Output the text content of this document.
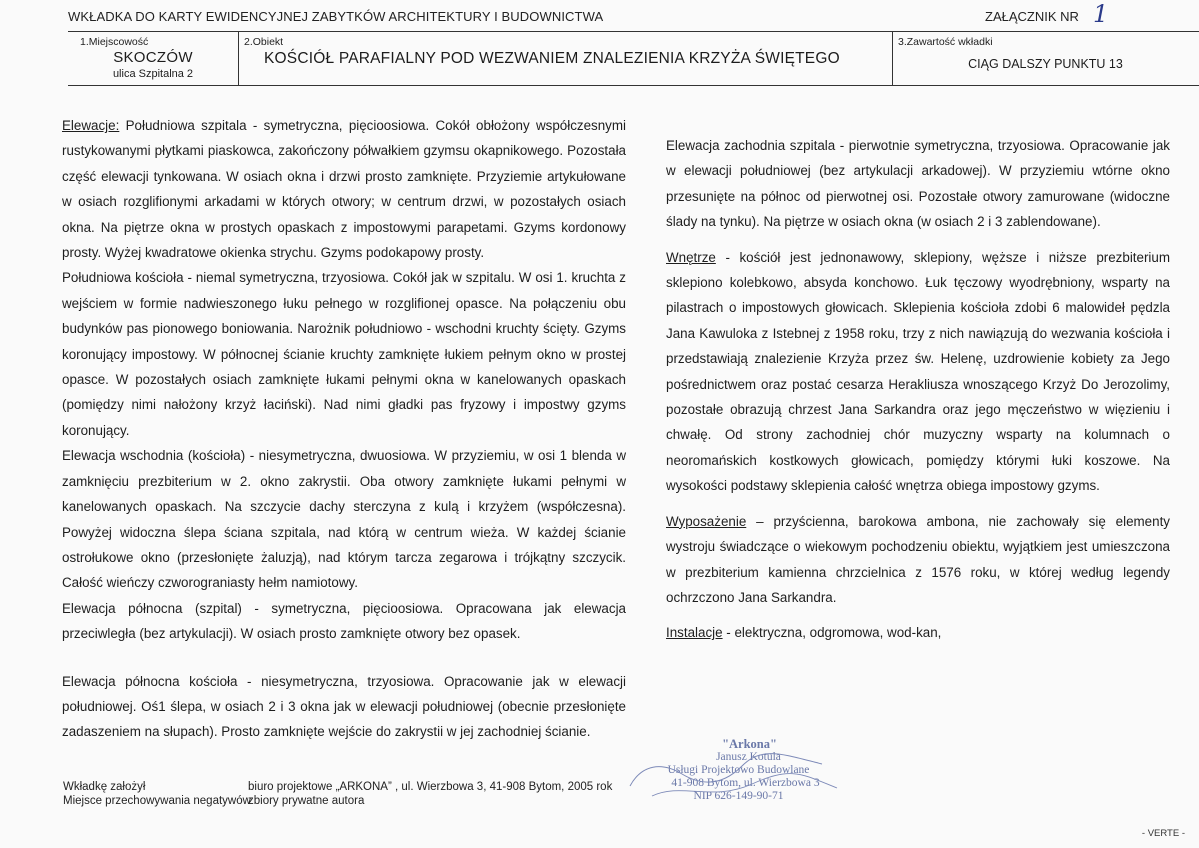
WKŁADKA DO KARTY EWIDENCYJNEJ ZABYTKÓW ARCHITEKTURY I BUDOWNICTWA	ZAŁĄCZNIK NR 1
1.Miejscowość
SKOCZÓW
ulica Szpitalna 2
2.Obiekt
KOŚCIÓŁ PARAFIALNY POD WEZWANIEM ZNALEZIENIA KRZYŻA ŚWIĘTEGO
3.Zawartość wkładki
CIĄG DALSZY PUNKTU 13

Elewacje: Południowa szpitala - symetryczna, pięcioosiowa. Cokół obłożony współczesnymi rustykowanymi płytkami piaskowca, zakończony półwałkiem gzymsu okapnikowego. Pozostała część elewacji tynkowana. W osiach okna i drzwi prosto zamknięte. Przyziemie artykułowane w osiach rozglifionymi arkadami w których otwory; w centrum drzwi, w pozostałych osiach okna. Na piętrze okna w prostych opaskach z impostowymi parapetami. Gzyms kordonowy prosty. Wyżej kwadratowe okienka strychu. Gzyms podokapowy prosty.

Południowa kościoła - niemal symetryczna, trzyosiowa. Cokół jak w szpitalu. W osi 1. kruchta z wejściem w formie nadwieszonego łuku pełnego w rozglifionej opasce. Na połączeniu obu budynków pas pionowego boniowania. Narożnik południowo - wschodni kruchty ścięty. Gzyms koronujący impostowy. W północnej ścianie kruchty zamknięte łukiem pełnym okno w prostej opasce. W pozostałych osiach zamknięte łukami pełnymi okna w kanelowanych opaskach (pomiędzy nimi nałożony krzyż łaciński). Nad nimi gładki pas fryzowy i impostwy gzyms koronujący.

Elewacja wschodnia (kościoła) - niesymetryczna, dwuosiowa. W przyziemiu, w osi 1 blenda w zamknięciu prezbiterium w 2. okno zakrystii. Oba otwory zamknięte łukami pełnymi w kanelowanych opaskach. Na szczycie dachy sterczyna z kulą i krzyżem (współczesna). Powyżej widoczna ślepa ściana szpitala, nad którą w centrum wieża. W każdej ścianie ostrołukowe okno (przesłonięte żaluzją), nad którym tarcza zegarowa i trójkątny szczycik. Całość wieńczy czworograniasty hełm namiotowy.

Elewacja północna (szpital) - symetryczna, pięcioosiowa. Opracowana jak elewacja przeciwległa (bez artykulacji). W osiach prosto zamknięte otwory bez opasek.

Elewacja północna kościoła - niesymetryczna, trzyosiowa. Opracowanie jak w elewacji południowej. Oś1 ślepa, w osiach 2 i 3 okna jak w elewacji południowej (obecnie przesłonięte zadaszeniem na słupach). Prosto zamknięte wejście do zakrystii w jej zachodniej ścianie.

Elewacja zachodnia szpitala - pierwotnie symetryczna, trzyosiowa. Opracowanie jak w elewacji południowej (bez artykulacji arkadowej). W przyziemiu wtórne okno przesunięte na północ od pierwotnej osi. Pozostałe otwory zamurowane (widoczne ślady na tynku). Na piętrze w osiach okna (w osiach 2 i 3 zablendowane).

Wnętrze - kościół jest jednonawowy, sklepiony, węższe i niższe prezbiterium sklepiono kolebkowo, absyda konchowo. Łuk tęczowy wyodrębniony, wsparty na pilastrach o impostowych głowicach. Sklepienia kościoła zdobi 6 malowideł pędzla Jana Kawuloka z Istebnej z 1958 roku, trzy z nich nawiązują do wezwania kościoła i przedstawiają znalezienie Krzyża przez św. Helenę, uzdrowienie kobiety za Jego pośrednictwem oraz postać cesarza Herakliusza wnoszącego Krzyż Do Jerozolimy, pozostałe obrazują chrzest Jana Sarkandra oraz jego męczeństwo w więzieniu i chwałę. Od strony zachodniej chór muzyczny wsparty na kolumnach o neoromańskich kostkowych głowicach, pomiędzy którymi łuki koszowe. Na wysokości podstawy sklepienia całość wnętrza obiega impostowy gzyms.

Wyposażenie – przyścienna, barokowa ambona, nie zachowały się elementy wystroju świadczące o wiekowym pochodzeniu obiektu, wyjątkiem jest umieszczona w prezbiterium kamienna chrzcielnica z 1576 roku, w której według legendy ochrzczono Jana Sarkandra.

Instalacje - elektryczna, odgromowa, wod-kan,

Wkładkę założył	biuro projektowe „ARKONA” , ul. Wierzbowa 3, 41-908 Bytom, 2005 rok
Miejsce przechowywania negatywów
zbiory prywatne autora
"Arkona"
Janusz Kotula
Usługi Projektowo Budowlane
41-908 Bytom, ul. Wierzbowa 3
NIP 626-149-90-71
- VERTE -
